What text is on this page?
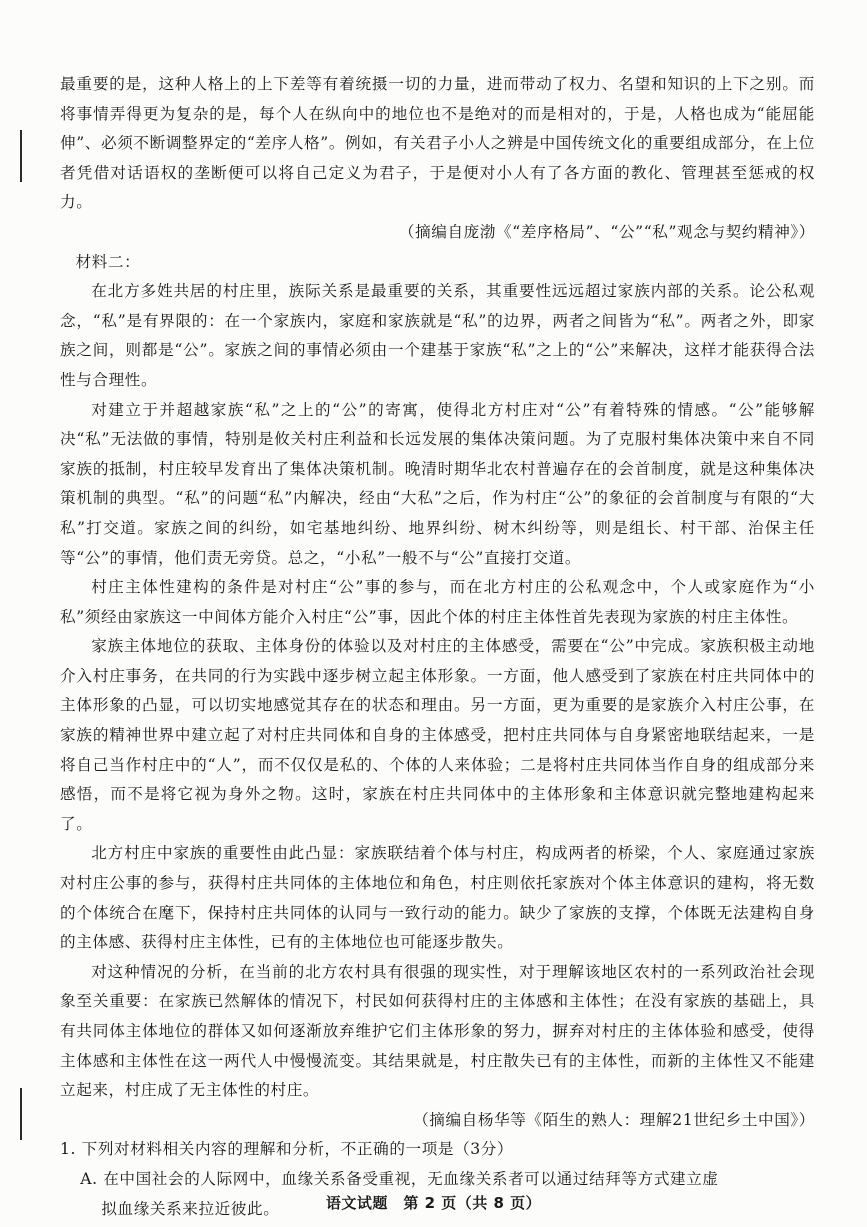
最重要的是，这种人格上的上下差等有着统摄一切的力量，进而带动了权力、名望和知识的上下之别。而将事情弄得更为复杂的是，每个人在纵向中的地位也不是绝对的而是相对的，于是，人格也成为“能屈能伸”、必须不断调整界定的“差序人格”。例如，有关君子小人之辨是中国传统文化的重要组成部分，在上位者凭借对话语权的垄断便可以将自己定义为君子，于是便对小人有了各方面的教化、管理甚至惩戒的权力。

（摘编自庞渤《“差序格局”、“公”“私”观念与契约精神》）

材料二：

在北方多姓共居的村庄里，族际关系是最重要的关系，其重要性远远超过家族内部的关系。论公私观念，“私”是有界限的：在一个家族内，家庭和家族就是“私”的边界，两者之间皆为“私”。两者之外，即家族之间，则都是“公”。家族之间的事情必须由一个建基于家族“私”之上的“公”来解决，这样才能获得合法性与合理性。

对建立于并超越家族“私”之上的“公”的寄寓，使得北方村庄对“公”有着特殊的情感。“公”能够解决“私”无法做的事情，特别是攸关村庄利益和长远发展的集体决策问题。为了克服村集体决策中来自不同家族的抵制，村庄较早发育出了集体决策机制。晚清时期华北农村普遍存在的会首制度，就是这种集体决策机制的典型。“私”的问题“私”内解决，经由“大私”之后，作为村庄“公”的象征的会首制度与有限的“大私”打交道。家族之间的纠纷，如宅基地纠纷、地界纠纷、树木纠纷等，则是组长、村干部、治保主任等“公”的事情，他们责无旁贷。总之，“小私”一般不与“公”直接打交道。

村庄主体性建构的条件是对村庄“公”事的参与，而在北方村庄的公私观念中，个人或家庭作为“小私”须经由家族这一中间体方能介入村庄“公”事，因此个体的村庄主体性首先表现为家族的村庄主体性。

家族主体地位的获取、主体身份的体验以及对村庄的主体感受，需要在“公”中完成。家族积极主动地介入村庄事务，在共同的行为实践中逐步树立起主体形象。一方面，他人感受到了家族在村庄共同体中的主体形象的凸显，可以切实地感觉其存在的状态和理由。另一方面，更为重要的是家族介入村庄公事，在家族的精神世界中建立起了对村庄共同体和自身的主体感受，把村庄共同体与自身紧密地联结起来，一是将自己当作村庄中的“人”，而不仅仅是私的、个体的人来体验；二是将村庄共同体当作自身的组成部分来感悟，而不是将它视为身外之物。这时，家族在村庄共同体中的主体形象和主体意识就完整地建构起来了。

北方村庄中家族的重要性由此凸显：家族联结着个体与村庄，构成两者的桥梁，个人、家庭通过家族对村庄公事的参与，获得村庄共同体的主体地位和角色，村庄则依托家族对个体主体意识的建构，将无数的个体统合在麾下，保持村庄共同体的认同与一致行动的能力。缺少了家族的支撑，个体既无法建构自身的主体感、获得村庄主体性，已有的主体地位也可能逐步散失。

对这种情况的分析，在当前的北方农村具有很强的现实性，对于理解该地区农村的一系列政治社会现象至关重要：在家族已然解体的情况下，村民如何获得村庄的主体感和主体性；在没有家族的基础上，具有共同体主体地位的群体又如何逐渐放弃维护它们主体形象的努力，摒弃对村庄的主体体验和感受，使得主体感和主体性在这一两代人中慢慢流变。其结果就是，村庄散失已有的主体性，而新的主体性又不能建立起来，村庄成了无主体性的村庄。

（摘编自杨华等《陌生的熟人：理解21世纪乡土中国》）

1. 下列对材料相关内容的理解和分析，不正确的一项是（3分）

A. 在中国社会的人际网中，血缘关系备受重视，无血缘关系者可以通过结拜等方式建立虚
拟血缘关系来拉近彼此。	语文试题　第 2 页（共 8 页）
